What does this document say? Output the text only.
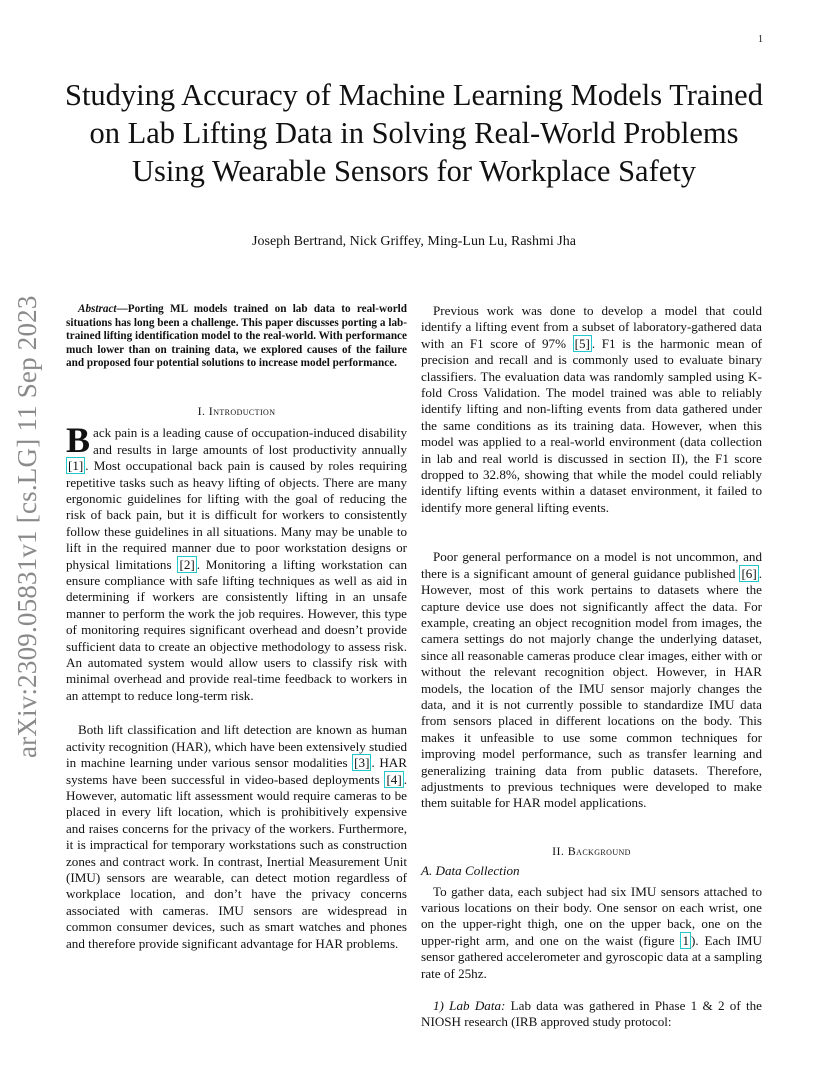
1
arXiv:2309.05831v1 [cs.LG] 11 Sep 2023
Studying Accuracy of Machine Learning Models Trained on Lab Lifting Data in Solving Real-World Problems Using Wearable Sensors for Workplace Safety
Joseph Bertrand, Nick Griffey, Ming-Lun Lu, Rashmi Jha

Abstract—Porting ML models trained on lab data to real-world situations has long been a challenge. This paper discusses porting a lab-trained lifting identification model to the real-world. With performance much lower than on training data, we explored causes of the failure and proposed four potential solutions to increase model performance.

I. Introduction

Back pain is a leading cause of occupation-induced disability and results in large amounts of lost productivity annually [1] . Most occupational back pain is caused by roles requiring repetitive tasks such as heavy lifting of objects. There are many ergonomic guidelines for lifting with the goal of reducing the risk of back pain, but it is difficult for workers to consistently follow these guidelines in all situations. Many may be unable to lift in the required manner due to poor workstation designs or physical limitations [2] . Monitoring a lifting workstation can ensure compliance with safe lifting techniques as well as aid in determining if workers are consistently lifting in an unsafe manner to perform the work the job requires. However, this type of monitoring requires significant overhead and doesn’t provide sufficient data to create an objective methodology to assess risk. An automated system would allow users to classify risk with minimal overhead and provide real-time feedback to workers in an attempt to reduce long-term risk.

Both lift classification and lift detection are known as human activity recognition (HAR), which have been extensively studied in machine learning under various sensor modalities [3] . HAR systems have been successful in video-based deployments [4] . However, automatic lift assessment would require cameras to be placed in every lift location, which is prohibitively expensive and raises concerns for the privacy of the workers. Furthermore, it is impractical for temporary workstations such as construction zones and contract work. In contrast, Inertial Measurement Unit (IMU) sensors are wearable, can detect motion regardless of workplace location, and don’t have the privacy concerns associated with cameras. IMU sensors are widespread in common consumer devices, such as smart watches and phones and therefore provide significant advantage for HAR problems.

Previous work was done to develop a model that could identify a lifting event from a subset of laboratory-gathered data with an F1 score of 97% [5] . F1 is the harmonic mean of precision and recall and is commonly used to evaluate binary classifiers. The evaluation data was randomly sampled using K-fold Cross Validation. The model trained was able to reliably identify lifting and non-lifting events from data gathered under the same conditions as its training data. However, when this model was applied to a real-world environment (data collection in lab and real world is discussed in section II), the F1 score dropped to 32.8%, showing that while the model could reliably identify lifting events within a dataset environment, it failed to identify more general lifting events.

Poor general performance on a model is not uncommon, and there is a significant amount of general guidance published [6] . However, most of this work pertains to datasets where the capture device use does not significantly affect the data. For example, creating an object recognition model from images, the camera settings do not majorly change the underlying dataset, since all reasonable cameras produce clear images, either with or without the relevant recognition object. However, in HAR models, the location of the IMU sensor majorly changes the data, and it is not currently possible to standardize IMU data from sensors placed in different locations on the body. This makes it unfeasible to use some common techniques for improving model performance, such as transfer learning and generalizing training data from public datasets. Therefore, adjustments to previous techniques were developed to make them suitable for HAR model applications.

II. Background
A. Data Collection

To gather data, each subject had six IMU sensors attached to various locations on their body. One sensor on each wrist, one on the upper-right thigh, one on the upper back, one on the upper-right arm, and one on the waist (figure 1 ). Each IMU sensor gathered accelerometer and gyroscopic data at a sampling rate of 25hz.

1) Lab Data: Lab data was gathered in Phase 1 & 2 of the NIOSH research (IRB approved study protocol:
